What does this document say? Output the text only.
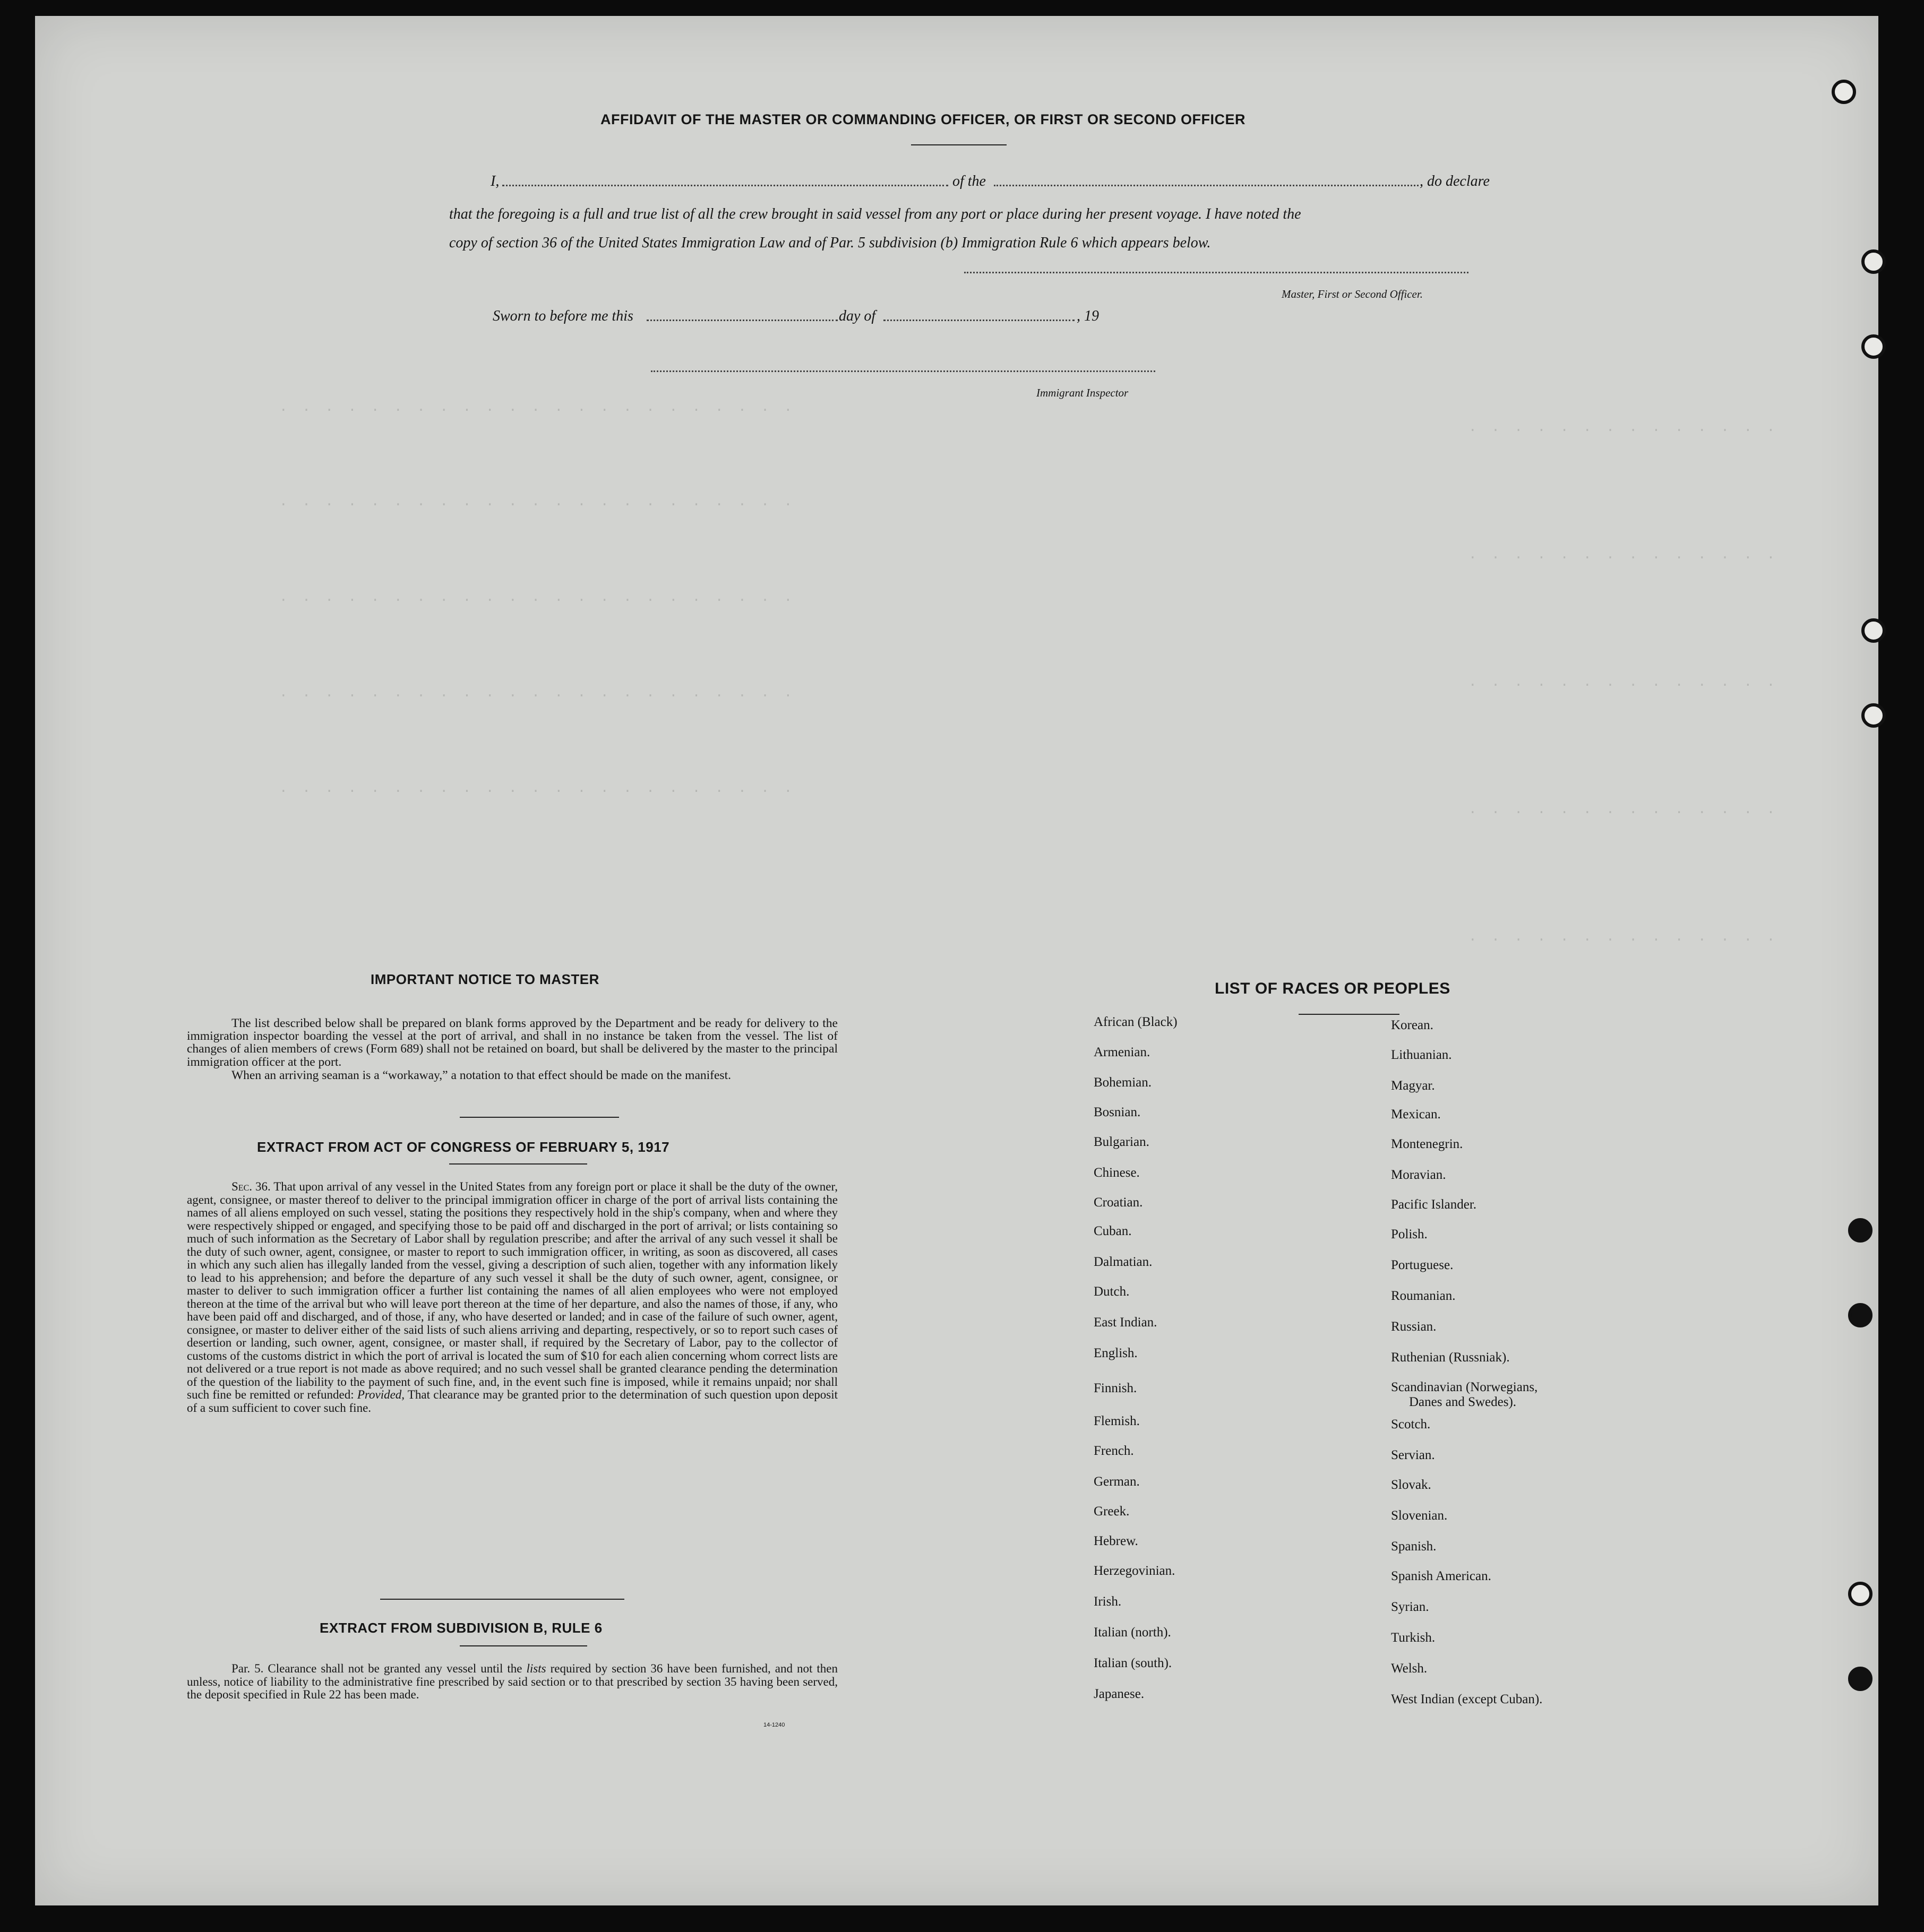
. . . . . . . . . . . . . . . . . . . . . . .
. . . . . . . . . . . . . . . . . . . . . . .
. . . . . . . . . . . . . . . . . . . . . . .
. . . . . . . . . . . . . . . . . . . . . . .
. . . . . . . . . . . . . . . . . . . . . . .
. . . . . . . . . . . . . .
. . . . . . . . . . . . . .
. . . . . . . . . . . . . .
. . . . . . . . . . . . . .
. . . . . . . . . . . . . .
AFFIDAVIT OF THE MASTER OR COMMANDING OFFICER, OR FIRST OR SECOND OFFICER
I,	of the	, do declare
that the foregoing is a full and true list of all the crew brought in said vessel from any port or place during her present voyage. I have noted the
copy of section 36 of the United States Immigration Law and of Par. 5 subdivision (b) Immigration Rule 6 which appears below.
Master, First or Second Officer.
Sworn to before me this	day of	, 19
Immigrant Inspector
IMPORTANT NOTICE TO MASTER
The list described below shall be prepared on blank forms approved by the Department and be ready for delivery to the immigration inspector boarding the vessel at the port of arrival, and shall in no instance be taken from the vessel. The list of changes of alien members of crews (Form 689) shall not be retained on board, but shall be delivered by the master to the principal immigration officer at the port.
When an arriving seaman is a “workaway,” a notation to that effect should be made on the manifest.
EXTRACT FROM ACT OF CONGRESS OF FEBRUARY 5, 1917
Sec. 36. That upon arrival of any vessel in the United States from any foreign port or place it shall be the duty of the owner, agent, consignee, or master thereof to deliver to the principal immigration officer in charge of the port of arrival lists containing the names of all aliens employed on such vessel, stating the positions they respectively hold in the ship's company, when and where they were respectively shipped or engaged, and specifying those to be paid off and discharged in the port of arrival; or lists containing so much of such information as the Secretary of Labor shall by regulation prescribe; and after the arrival of any such vessel it shall be the duty of such owner, agent, consignee, or master to report to such immigration officer, in writing, as soon as discovered, all cases in which any such alien has illegally landed from the vessel, giving a description of such alien, together with any information likely to lead to his apprehension; and before the departure of any such vessel it shall be the duty of such owner, agent, consignee, or master to deliver to such immigration officer a further list containing the names of all alien employees who were not employed thereon at the time of the arrival but who will leave port thereon at the time of her departure, and also the names of those, if any, who have been paid off and discharged, and of those, if any, who have deserted or landed; and in case of the failure of such owner, agent, consignee, or master to deliver either of the said lists of such aliens arriving and departing, respectively, or so to report such cases of desertion or landing, such owner, agent, consignee, or master shall, if required by the Secretary of Labor, pay to the collector of customs of the customs district in which the port of arrival is located the sum of $10 for each alien concerning whom correct lists are not delivered or a true report is not made as above required; and no such vessel shall be granted clearance pending the determination of the question of the liability to the payment of such fine, and, in the event such fine is imposed, while it remains unpaid; nor shall such fine be remitted or refunded: Provided, That clearance may be granted prior to the determination of such question upon deposit of a sum sufficient to cover such fine.
EXTRACT FROM SUBDIVISION B, RULE 6
Par. 5. Clearance shall not be granted any vessel until the lists required by section 36 have been furnished, and not then unless, notice of liability to the administrative fine prescribed by said section or to that prescribed by section 35 having been served, the deposit specified in Rule 22 has been made.
14-1240
LIST OF RACES OR PEOPLES
African (Black)
Armenian.
Bohemian.
Bosnian.
Bulgarian.
Chinese.
Croatian.
Cuban.
Dalmatian.
Dutch.
East Indian.
English.
Finnish.
Flemish.
French.
German.
Greek.
Hebrew.
Herzegovinian.
Irish.
Italian (north).
Italian (south).
Japanese.
Korean.
Lithuanian.
Magyar.
Mexican.
Montenegrin.
Moravian.
Pacific Islander.
Polish.
Portuguese.
Roumanian.
Russian.
Ruthenian (Russniak).
Scandinavian (Norwegians,
Danes and Swedes).
Scotch.
Servian.
Slovak.
Slovenian.
Spanish.
Spanish American.
Syrian.
Turkish.
Welsh.
West Indian (except Cuban).
